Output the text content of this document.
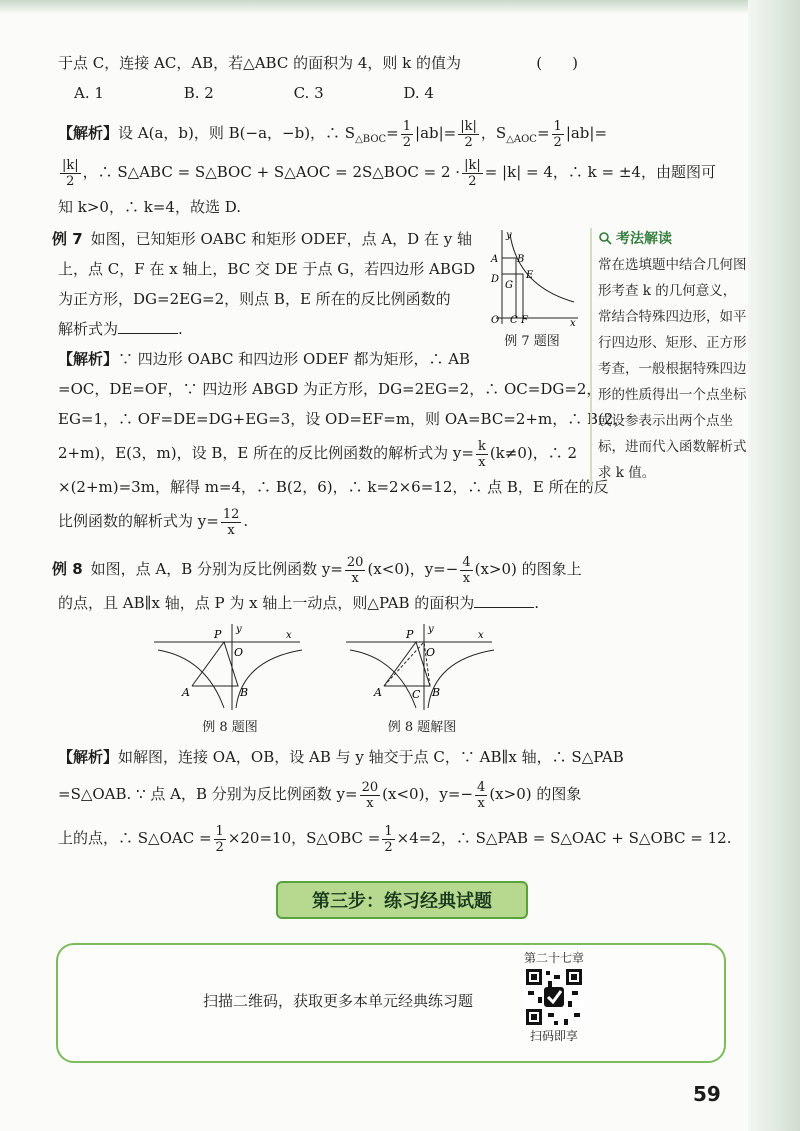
于点 C，连接 AC，AB，若△ABC 的面积为 4，则 k 的值为	(　　)
A. 1	B. 2	C. 3	D. 4
【解析】设 A(a，b)，则 B(−a，−b)，∴ $S_{\triangle BOC}= \frac{1}{2} |ab|= \frac{|k|}{2}$ ，$S_{\triangle AOC}= \frac{1}{2} |ab|=$
$\frac{|k|}{2}$ ，∴ S△ABC = S△BOC + S△AOC = 2S△BOC = $2 \cdot \frac{|k|}{2} = |k| = 4$，∴ k = ±4，由题图可
知 k>0，∴ k=4，故选 D.
例 7 如图，已知矩形 OABC 和矩形 ODEF，点 A，D 在 y 轴
上，点 C，F 在 x 轴上，BC 交 DE 于点 G，若四边形 ABGD
为正方形，DG=2EG=2，则点 B，E 所在的反比例函数的
解析式为	.
【解析】∵ 四边形 OABC 和四边形 ODEF 都为矩形，∴ AB
=OC，DE=OF，∵ 四边形 ABGD 为正方形，DG=2EG=2，∴ OC=DG=2，
EG=1，∴ OF=DE=DG+EG=3，设 OD=EF=m，则 OA=BC=2+m，∴ B(2，
2+m)，E(3，m)，设 B，E 所在的反比例函数的解析式为 $y= \frac{k}{x} (k\ne 0)$，∴ 2
×(2+m)=3m，解得 m=4，∴ B(2，6)，∴ k=2×6=12，∴ 点 B，E 所在的反
比例函数的解析式为 $y= \frac{12}{x}$ .
例 8 如图，点 A，B 分别为反比例函数 $y= \frac{20}{x} (x<0)$，$y=- \frac{4}{x} (x>0)$ 的图象上
的点，且 AB∥x 轴，点 P 为 x 轴上一动点，则△PAB 的面积为	.
y
A B
D
G
E
O C F	x
例 7 题图
P y
x
O
A	B
例 8 题图
P y
x
O
A	C B
例 8 题解图
【解析】如解图，连接 OA，OB，设 AB 与 y 轴交于点 C，∵ AB∥x 轴，∴ S△PAB
=S△OAB. ∵ 点 A，B 分别为反比例函数 $y= \frac{20}{x} (x<0)$，$y=- \frac{4}{x} (x>0)$ 的图象
上的点，∴ S△OAC = $\frac{1}{2} \times 20=10$，S△OBC = $\frac{1}{2} \times 4=2$，∴ S△PAB = S△OAC + S△OBC = 12.
考法解读
常在选填题中结合几何图形考查 k 的几何意义，常结合特殊四边形，如平行四边形、矩形、正方形考查，一般根据特殊四边形的性质得出一个点坐标或设参表示出两个点坐标，进而代入函数解析式求 k 值。
第三步：练习经典试题
扫描二维码，获取更多本单元经典练习题
第二十七章
扫码即享
59
